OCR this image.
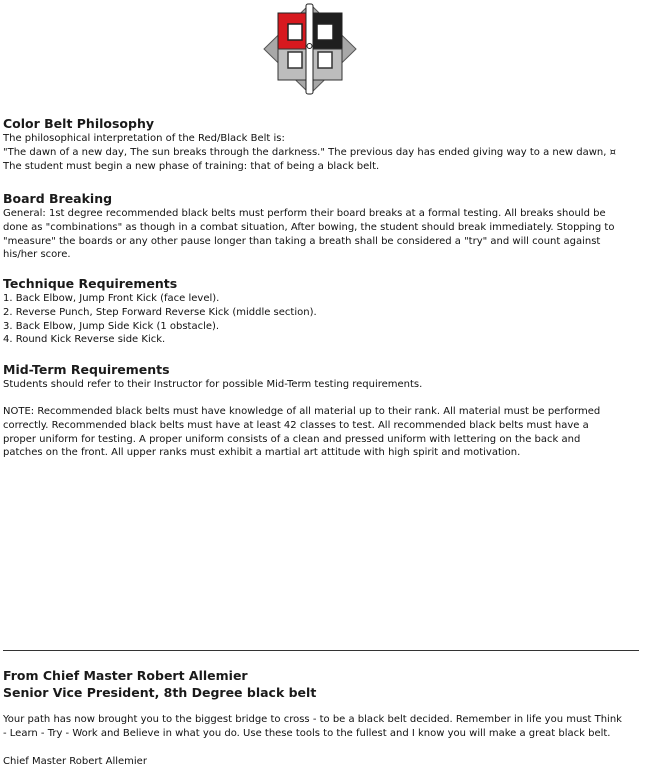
Color Belt Philosophy

The philosophical interpretation of the Red/Black Belt is:

"The dawn of a new day, The sun breaks through the darkness." The previous day has ended giving way to a new dawn, ¤

The student must begin a new phase of training: that of being a black belt.

Board Breaking

General: 1st degree recommended black belts must perform their board breaks at a formal testing. All breaks should be

done as "combinations" as though in a combat situation, After bowing, the student should break immediately. Stopping to

"measure" the boards or any other pause longer than taking a breath shall be considered a "try" and will count against

his/her score.

Technique Requirements

1. Back Elbow, Jump Front Kick (face level).

2. Reverse Punch, Step Forward Reverse Kick (middle section).

3. Back Elbow, Jump Side Kick (1 obstacle).

4. Round Kick Reverse side Kick.

Mid-Term Requirements

Students should refer to their Instructor for possible Mid-Term testing requirements.

NOTE: Recommended black belts must have knowledge of all material up to their rank. All material must be performed

correctly. Recommended black belts must have at least 42 classes to test. All recommended black belts must have a

proper uniform for testing. A proper uniform consists of a clean and pressed uniform with lettering on the back and

patches on the front. All upper ranks must exhibit a martial art attitude with high spirit and motivation.

From Chief Master Robert Allemier
Senior Vice President, 8th Degree black belt

Your path has now brought you to the biggest bridge to cross - to be a black belt decided. Remember in life you must Think

- Learn - Try - Work and Believe in what you do. Use these tools to the fullest and I know you will make a great black belt.

Chief Master Robert Allemier
